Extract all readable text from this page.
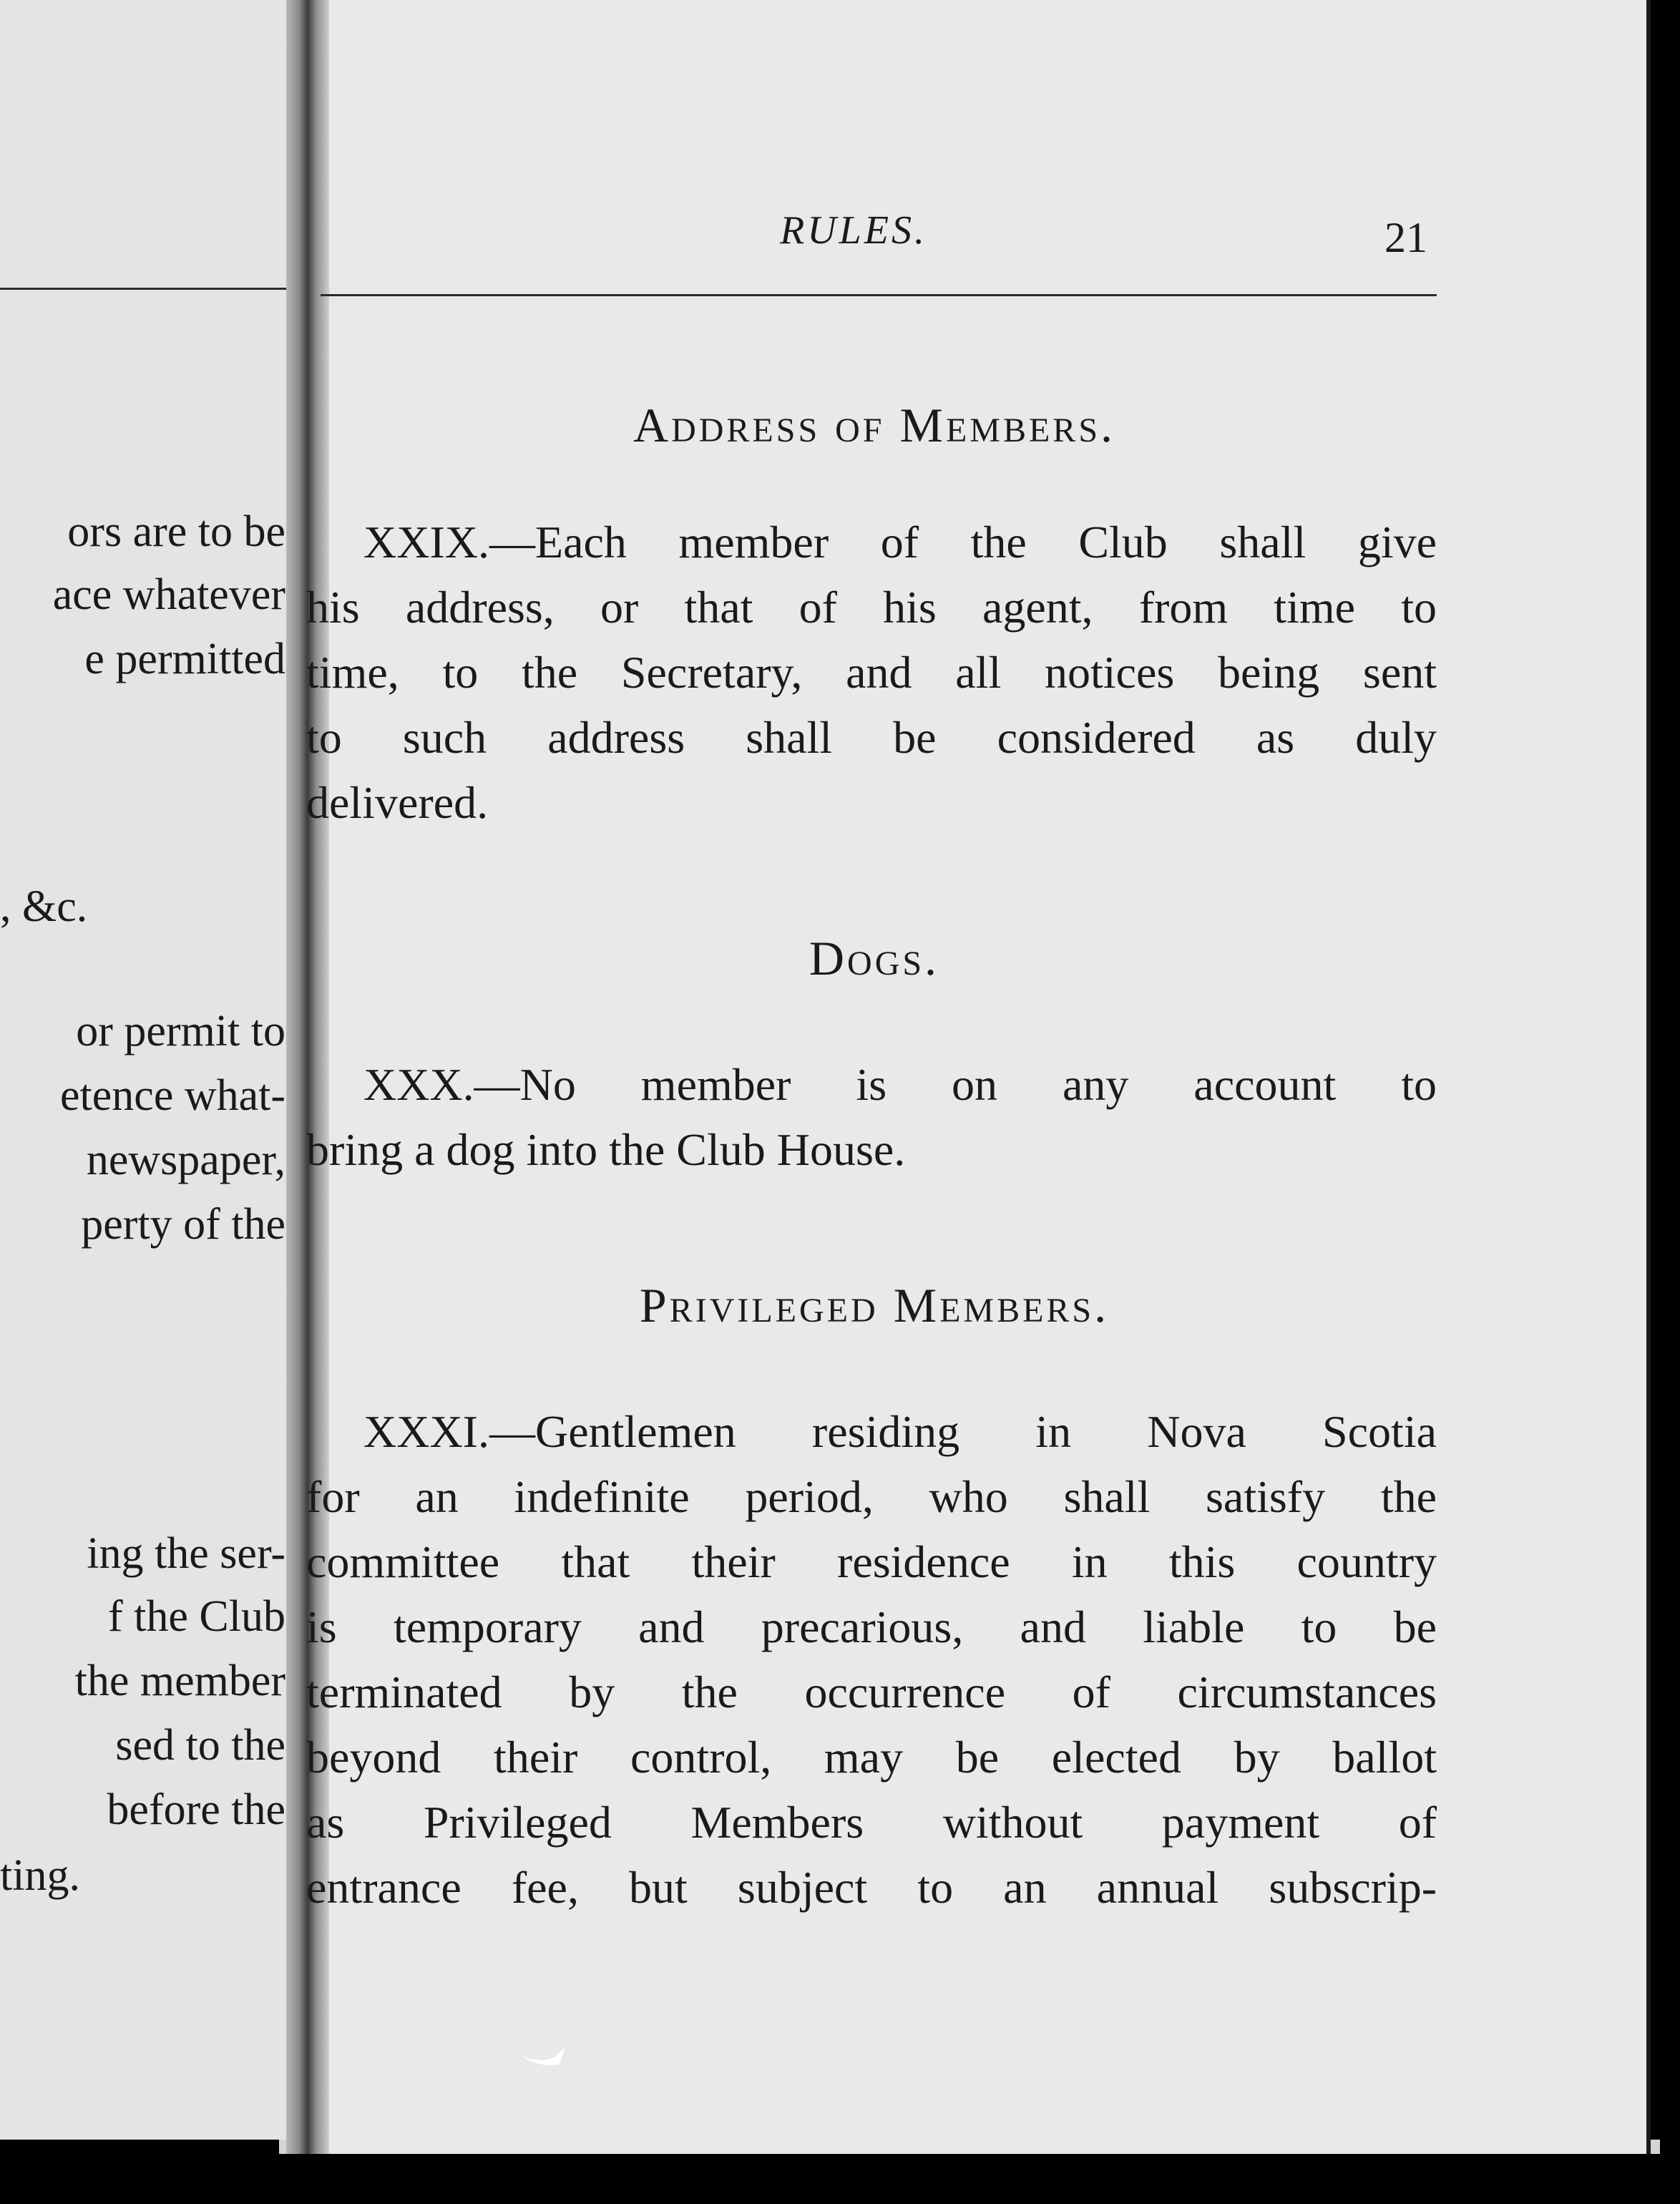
ors are to be
ace whatever
e permitted
, &c.
or permit to
etence what-
newspaper,
perty of the
ing the ser-
f the Club
the member
sed to the
before the
ting.
RULES.	21
Address of Members.
XXIX.—Each member of the Club shall give
his address, or that of his agent, from time to
time, to the Secretary, and all notices being sent
to such address shall be considered as duly
delivered.
Dogs.
XXX.—No member is on any account to
bring a dog into the Club House.
Privileged Members.
XXXI.—Gentlemen residing in Nova Scotia
for an indefinite period, who shall satisfy the
committee that their residence in this country
is temporary and precarious, and liable to be
terminated by the occurrence of circumstances
beyond their control, may be elected by ballot
as Privileged Members without payment of
entrance fee, but subject to an annual subscrip-
